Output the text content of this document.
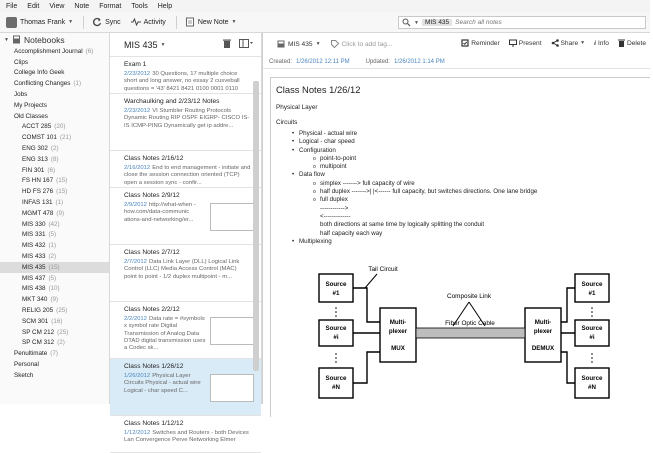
File Edit View Note Format Tools Help
Thomas Frank ▼	Sync	Activity	New Note ▼	▼ MIS 435
Search all notes
▼ Notebooks
Accomplishment Journal (6)
Clips
College Info Geek
Conflicting Changes (1)
Jobs
My Projects
Old Classes
ACCT 285 (20)
COMST 101 (21)
ENG 302 (2)
ENG 313 (8)
FIN 301 (6)
FS HN 167 (15)
HD FS 276 (15)
INFAS 131 (1)
MGMT 478 (9)
MIS 330 (42)
MIS 331 (5)
MIS 432 (1)
MIS 433 (2)
MIS 435 (15)
MIS 437 (5)
MIS 438 (10)
MKT 340 (9)
RELIG 205 (25)
SCM 301 (16)
SP CM 212 (25)
SP CM 312 (2)
Penultimate (7)
Personal
Sketch
MIS 435 ▼
Exam 1
2/23/2012 30 Questions, 17 multiple choice short and long answer, no essay 2 cusveball questions = '43' 8421 8421 0100 0001 0110
Warchaulking and 2/23/12 Notes
2/23/2012 VI Stumbler Routing Protocols Dynamic Routing RIP OSPF EIGRP- CISCO IS-IS ICMP-PING Dynamically get ip addre...
Class Notes 2/16/12
2/16/2012 End to end management - initiate and close the session connection oriented (TCP) open a session sync - confir...
Class Notes 2/9/12
2/9/2012 http://what-when -how.com/data-communic ations-and-networking/er...
Class Notes 2/7/12
2/7/2012 Data Link Layer (DLL) Logical Link Control (LLC) Media Access Control (MAC) point to point - 1/2 duplex multipoint - m...
Class Notes 2/2/12
2/2/2012 Data rate = #symbols x symbol rate Digital Transmission of Analog Data DTAD digital transmission uses a Codec sk...
Class Notes 1/26/12
1/26/2012 Physical Layer Circuits Physical - actual wire Logical - char speed C...
Class Notes 1/12/12
1/12/2012 Switches and Routers - both Devices Lan Convergence Perve Networking Elmer
MIS 435 ▼	Click to add tag...	Reminder	Present	Share ▼ i Info	Delete
Created: 1/26/2012 12:11 PM	Updated: 1/26/2012 1:14 PM
Class Notes 1/26/12
Physical Layer
Circuits
• Physical - actual wire
• Logical - char speed
• Configuration
o point-to-point
o multipoint
• Data flow
o simplex -------> full capacity of wire
o half duplex ------->| |<------ full capacity, but switches directions. One lane bridge
o full duplex
------------>
<-------------
both directions at same time by logically splitting the conduit
half capacity each way
• Multiplexing
Source
#1
Source
#i
Source
#N
Source
#1
Source
#i
Source
#N
Multi-
plexer
MUX
Multi-
plexer
DEMUX
Tail Circuit
Composite Link
Fiber Optic Cable
